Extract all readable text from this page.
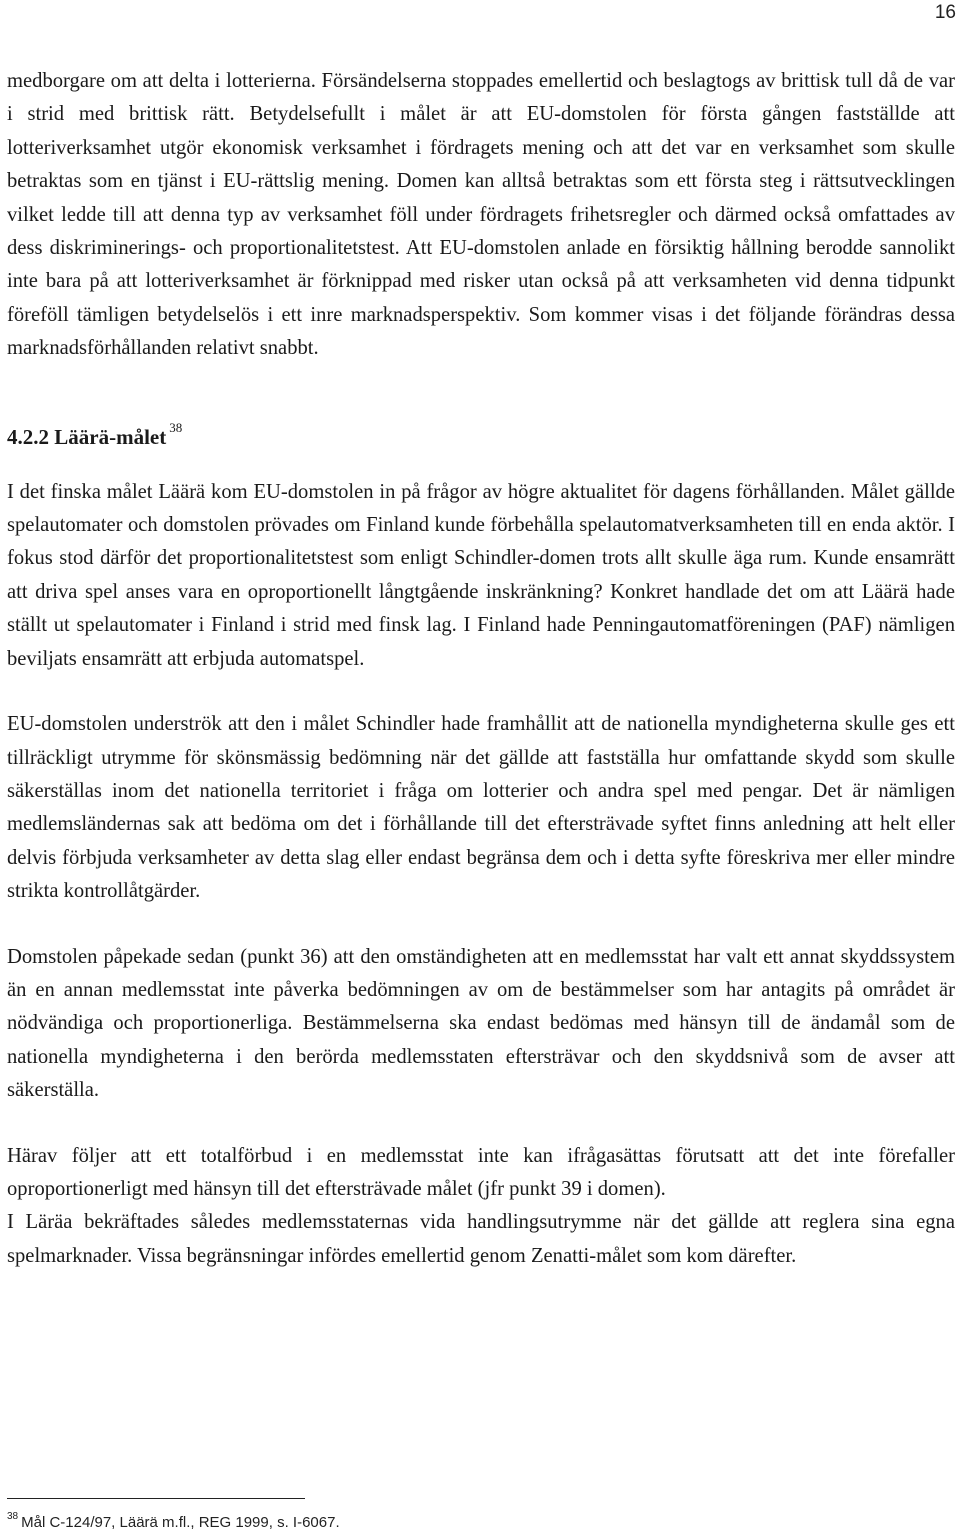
16

medborgare om att delta i lotterierna. Försändelserna stoppades emellertid och beslagtogs av brittisk tull då de var i strid med brittisk rätt. Betydelsefullt i målet är att EU-domstolen för första gången fastställde att lotteriverksamhet utgör ekonomisk verksamhet i fördragets mening och att det var en verksamhet som skulle betraktas som en tjänst i EU-rättslig mening. Domen kan alltså betraktas som ett första steg i rättsutvecklingen vilket ledde till att denna typ av verksamhet föll under fördragets frihetsregler och därmed också omfattades av dess diskriminerings- och proportionalitetstest. Att EU-domstolen anlade en försiktig hållning berodde sannolikt inte bara på att lotteriverksamhet är förknippad med risker utan också på att verksamheten vid denna tidpunkt föreföll tämligen betydelselös i ett inre marknadsperspektiv. Som kommer visas i det följande förändras dessa marknadsförhållanden relativt snabbt.

4.2.2 Läärä-målet $^{38}$

I det finska målet Läärä kom EU-domstolen in på frågor av högre aktualitet för dagens förhållanden. Målet gällde spelautomater och domstolen prövades om Finland kunde förbehålla spelautomatverksamheten till en enda aktör. I fokus stod därför det proportionalitetstest som enligt Schindler-domen trots allt skulle äga rum. Kunde ensamrätt att driva spel anses vara en oproportionellt långtgående inskränkning? Konkret handlade det om att Läärä hade ställt ut spelautomater i Finland i strid med finsk lag. I Finland hade Penningautomatföreningen (PAF) nämligen beviljats ensamrätt att erbjuda automatspel.

EU-domstolen underströk att den i målet Schindler hade framhållit att de nationella myndigheterna skulle ges ett tillräckligt utrymme för skönsmässig bedömning när det gällde att fastställa hur omfattande skydd som skulle säkerställas inom det nationella territoriet i fråga om lotterier och andra spel med pengar. Det är nämligen medlemsländernas sak att bedöma om det i förhållande till det eftersträvade syftet finns anledning att helt eller delvis förbjuda verksamheter av detta slag eller endast begränsa dem och i detta syfte föreskriva mer eller mindre strikta kontrollåtgärder.

Domstolen påpekade sedan (punkt 36) att den omständigheten att en medlemsstat har valt ett annat skyddssystem än en annan medlemsstat inte påverka bedömningen av om de bestämmelser som har antagits på området är nödvändiga och proportionerliga. Bestämmelserna ska endast bedömas med hänsyn till de ändamål som de nationella myndigheterna i den berörda medlemsstaten eftersträvar och den skyddsnivå som de avser att säkerställa.

Härav följer att ett totalförbud i en medlemsstat inte kan ifrågasättas förutsatt att det inte förefaller oproportionerligt med hänsyn till det eftersträvade målet (jfr punkt 39 i domen).

I Läräa bekräftades således medlemsstaternas vida handlingsutrymme när det gällde att reglera sina egna spelmarknader. Vissa begränsningar infördes emellertid genom Zenatti-målet som kom därefter.

$^{38}$ Mål C-124/97, Läärä m.fl., REG 1999, s. I-6067.
